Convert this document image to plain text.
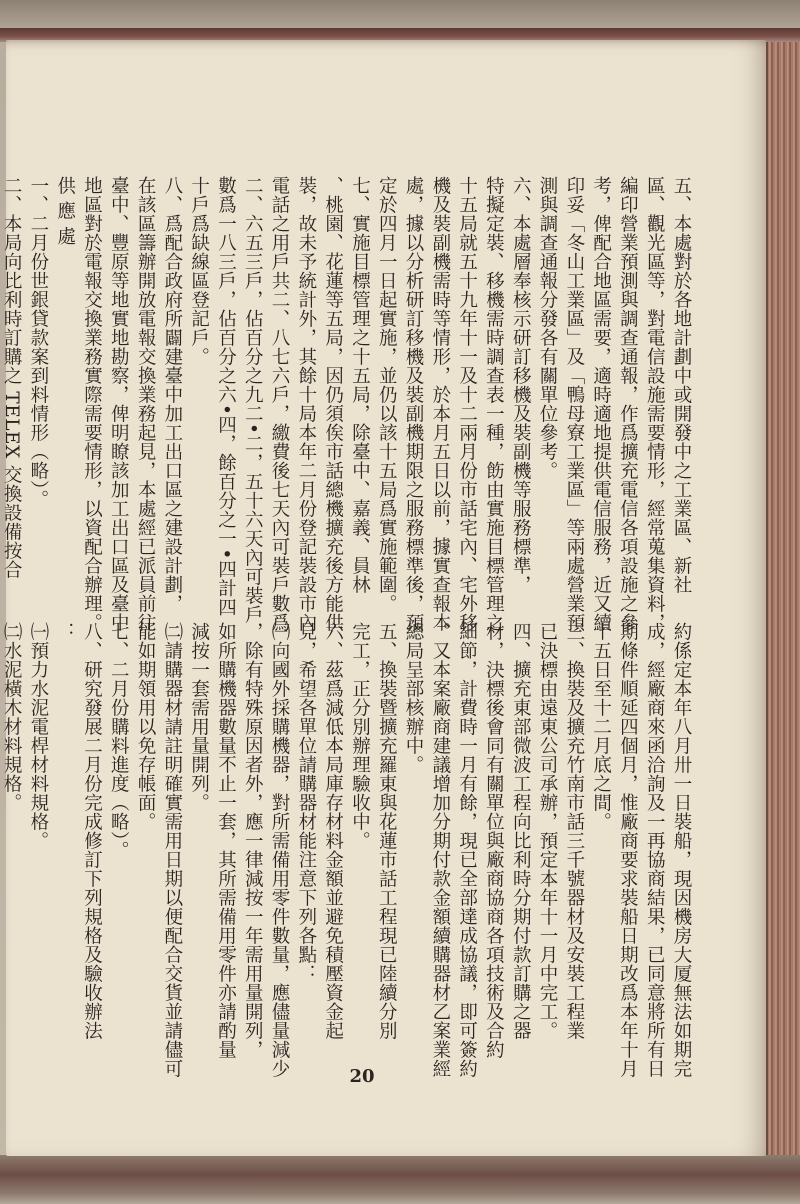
五、本處對於各地計劃中或開發中之工業區、新社
區、觀光區等，對電信設施需要情形，經常蒐集資料，
編印營業預測與調查通報，作爲擴充電信各項設施之參
考，俾配合地區需要，適時適地提供電信服務，近又續
印妥「冬山工業區」及「鴨母寮工業區」等兩處營業預
測與調查通報分發各有關單位參考。
六、本處層奉核示研訂移機及裝副機等服務標準，
特擬定裝、移機需時調查表一種，飭由實施目標管理之
十五局就五十九年十一及十二兩月份市話宅內、宅外移
機及裝副機需時等情形，於本月五日以前，據實查報本
處，據以分析研訂移機及裝副機期限之服務標準後，預
定於四月一日起實施，並仍以該十五局爲實施範圍。
七、實施目標管理之十五局，除臺中、嘉義、員林
、桃園、花蓮等五局，因仍須俟市話總機擴充後方能供
裝，故未予統計外，其餘十局本年二月份登記裝設市內
電話之用戶共二、八七六戶，繳費後七天內可裝戶數爲
二、六五三戶，佔百分之九二•二，五十六天內可裝戶
數爲一八三戶，佔百分之六•四，餘百分之一•四計四
十戶爲缺線區登記戶。
八、爲配合政府所闢建臺中加工出口區之建設計劃，
在該區籌辦開放電報交換業務起見，本處經已派員前往
臺中、豐原等地實地勘察，俾明瞭該加工出口區及臺中
地區對於電報交換業務實際需要情形，以資配合辦理。
供 應 處
一、二月份世銀貸款案到料情形（略）。
二、本局向比利時訂購之 TELEX 交換設備按合
約係定本年八月卅一日裝船，現因機房大厦無法如期完
成，經廠商來函洽詢及一再協商結果，已同意將所有日
期條件順延四個月，惟廠商要求裝船日期改爲本年十月
十五日至十二月底之間。
三、換裝及擴充竹南市話三千號器材及安裝工程業
已決標由遠東公司承辦，預定本年十一月中完工。
四、擴充東部微波工程向比利時分期付款訂購之器
材，決標後會同有關單位與廠商協商各項技術及合約
細節，計費時一月有餘，現已全部達成協議，即可簽約
。又本案廠商建議增加分期付款金額續購器材乙案業經
總局呈部核辦中。
五、換裝暨擴充羅東與花蓮市話工程現已陸續分別
完工，正分別辦理驗收中。
六、茲爲減低本局庫存材料金額並避免積壓資金起
見，希望各單位請購器材能注意下列各點：
㈠向國外採購機器，對所需備用零件數量，應儘量減少
，除有特殊原因者外，應一律減按一年需用量開列，
如所購機器數量不止一套，其所需備用零件亦請酌量
減按一套需用量開列。
㈡請購器材請註明確實需用日期以便配合交貨並請儘可
能如期領用以免存帳面。
七、二月份購料進度（略）。
八、研究發展二月份完成修訂下列規格及驗收辦法
：
㈠預力水泥電桿材料規格。
㈡水泥橫木材料規格。
20
